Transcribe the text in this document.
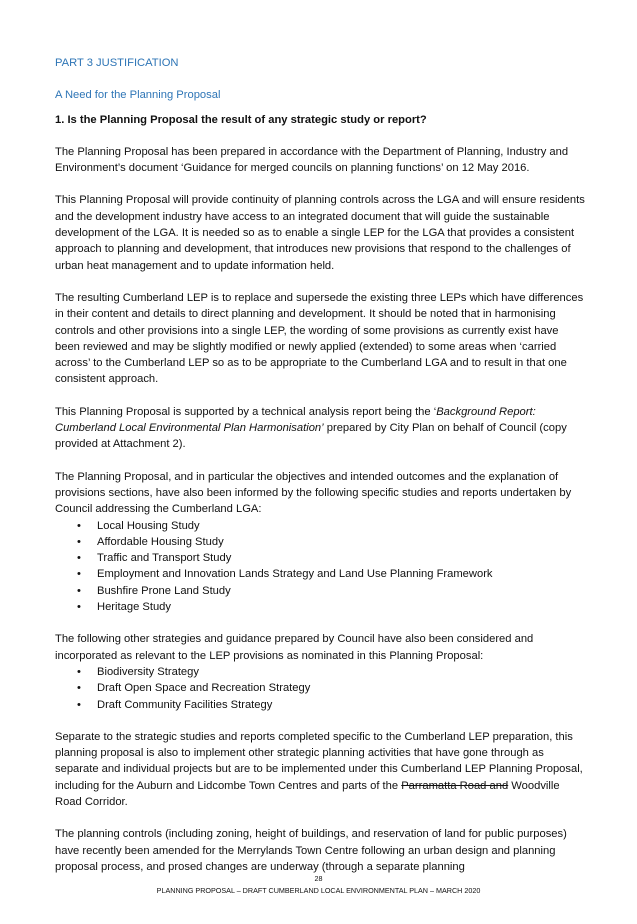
PART 3 JUSTIFICATION

A Need for the Planning Proposal

1. Is the Planning Proposal the result of any strategic study or report?

The Planning Proposal has been prepared in accordance with the Department of Planning, Industry and Environment’s document ‘Guidance for merged councils on planning functions’ on 12 May 2016.

This Planning Proposal will provide continuity of planning controls across the LGA and will ensure residents and the development industry have access to an integrated document that will guide the sustainable development of the LGA. It is needed so as to enable a single LEP for the LGA that provides a consistent approach to planning and development, that introduces new provisions that respond to the challenges of urban heat management and to update information held.

The resulting Cumberland LEP is to replace and supersede the existing three LEPs which have differences in their content and details to direct planning and development. It should be noted that in harmonising controls and other provisions into a single LEP, the wording of some provisions as currently exist have been reviewed and may be slightly modified or newly applied (extended) to some areas when ‘carried across’ to the Cumberland LEP so as to be appropriate to the Cumberland LGA and to result in that one consistent approach.

This Planning Proposal is supported by a technical analysis report being the ‘Background Report: Cumberland Local Environmental Plan Harmonisation’ prepared by City Plan on behalf of Council (copy provided at Attachment 2).

The Planning Proposal, and in particular the objectives and intended outcomes and the explanation of provisions sections, have also been informed by the following specific studies and reports undertaken by Council addressing the Cumberland LGA:

• Local Housing Study
• Affordable Housing Study
• Traffic and Transport Study
• Employment and Innovation Lands Strategy and Land Use Planning Framework
• Bushfire Prone Land Study
• Heritage Study

The following other strategies and guidance prepared by Council have also been considered and incorporated as relevant to the LEP provisions as nominated in this Planning Proposal:

• Biodiversity Strategy
• Draft Open Space and Recreation Strategy
• Draft Community Facilities Strategy

Separate to the strategic studies and reports completed specific to the Cumberland LEP preparation, this planning proposal is also to implement other strategic planning activities that have gone through as separate and individual projects but are to be implemented under this Cumberland LEP Planning Proposal, including for the Auburn and Lidcombe Town Centres and parts of the Parramatta Road and Woodville Road Corridor.

The planning controls (including zoning, height of buildings, and reservation of land for public purposes) have recently been amended for the Merrylands Town Centre following an urban design and planning proposal process, and prosed changes are underway (through a separate planning

28
PLANNING PROPOSAL – DRAFT CUMBERLAND LOCAL ENVIRONMENTAL PLAN – MARCH 2020
